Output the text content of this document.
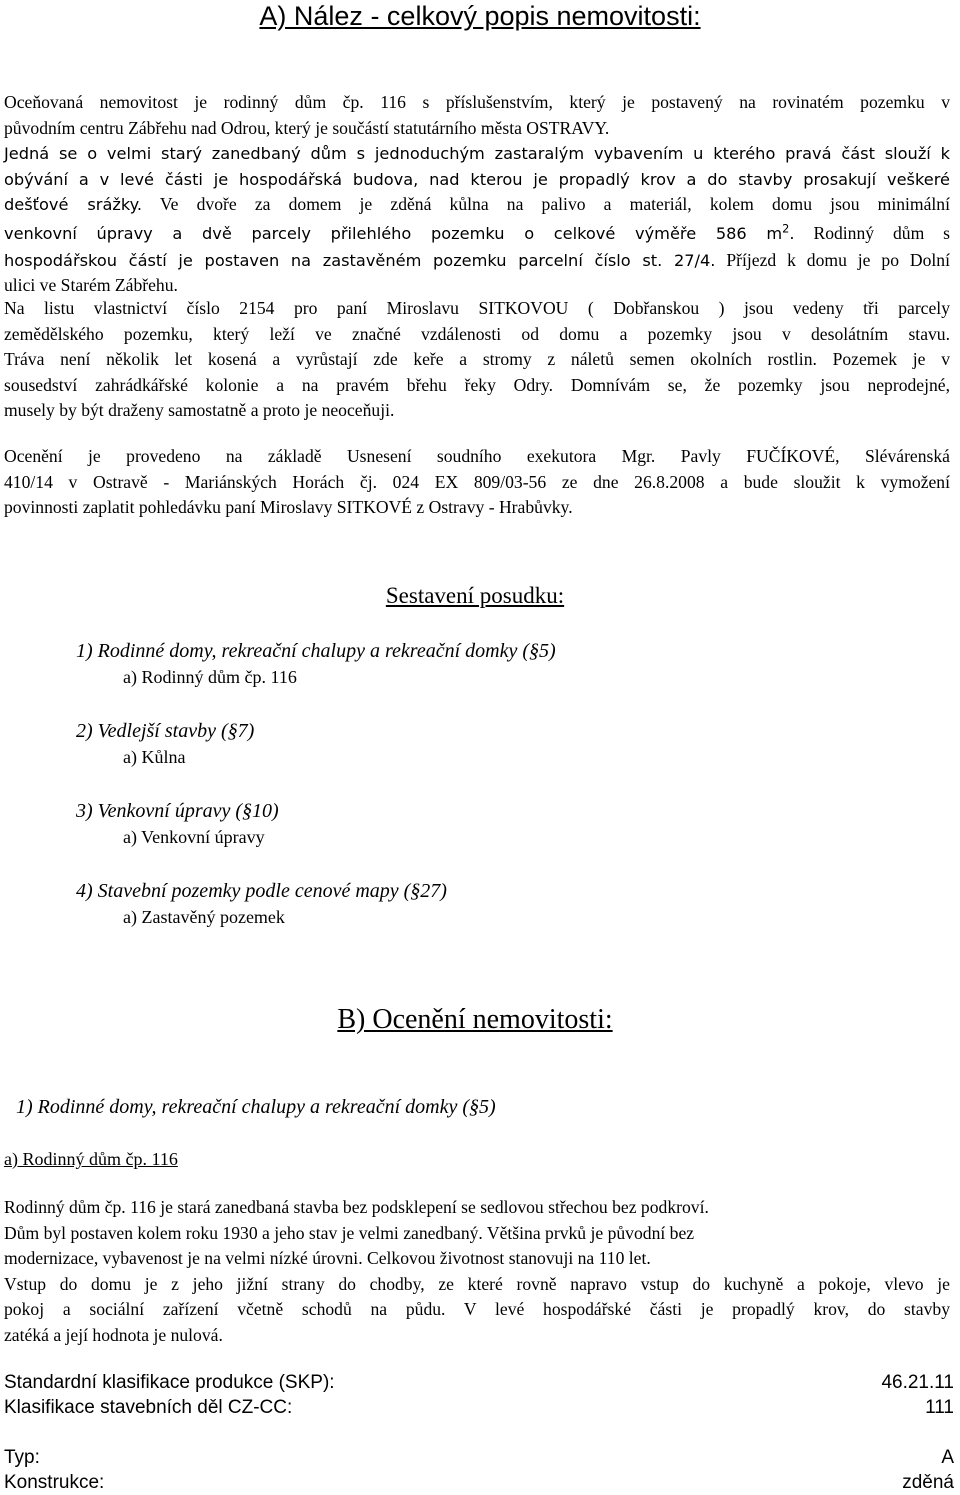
A) Nález - celkový popis nemovitosti:
Oceňovaná nemovitost je rodinný dům čp. 116 s příslušenstvím, který je postavený na rovinatém pozemku v
původním centru Zábřehu nad Odrou, který je součástí statutárního města OSTRAVY.
Jedná se o velmi starý zanedbaný dům s jednoduchým zastaralým vybavením u kterého pravá část slouží k
obývání a v levé části je hospodářská budova, nad kterou je propadlý krov a do stavby prosakují veškeré
dešťové srážky. Ve dvoře za domem je zděná kůlna na palivo a materiál, kolem domu jsou minimální
venkovní úpravy a dvě parcely přilehlého pozemku o celkové výměře 586 $m^2$. Rodinný dům s
hospodářskou částí je postaven na zastavěném pozemku parcelní číslo st. 27/4. Příjezd k domu je po Dolní
ulici ve Starém Zábřehu.
Na listu vlastnictví číslo 2154 pro paní Miroslavu SITKOVOU ( Dobřanskou ) jsou vedeny tři parcely
zemědělského pozemku, který leží ve značné vzdálenosti od domu a pozemky jsou v desolátním stavu.
Tráva není několik let kosená a vyrůstají zde keře a stromy z náletů semen okolních rostlin. Pozemek je v
sousedství zahrádkářské kolonie a na pravém břehu řeky Odry. Domnívám se, že pozemky jsou neprodejné,
musely by být draženy samostatně a proto je neoceňuji.
Ocenění je provedeno na základě Usnesení soudního exekutora Mgr. Pavly FUČÍKOVÉ, Slévárenská
410/14 v Ostravě - Mariánských Horách čj. 024 EX 809/03-56 ze dne 26.8.2008 a bude sloužit k vymožení
povinnosti zaplatit pohledávku paní Miroslavy SITKOVÉ z Ostravy - Hrabůvky.
Sestavení posudku:
1) Rodinné domy, rekreační chalupy a rekreační domky (§5)
a) Rodinný dům čp. 116
2) Vedlejší stavby (§7)
a) Kůlna
3) Venkovní úpravy (§10)
a) Venkovní úpravy
4) Stavební pozemky podle cenové mapy (§27)
a) Zastavěný pozemek
B) Ocenění nemovitosti:
1) Rodinné domy, rekreační chalupy a rekreační domky (§5)
a) Rodinný dům čp. 116
Rodinný dům čp. 116 je stará zanedbaná stavba bez podsklepení se sedlovou střechou bez podkroví.
Dům byl postaven kolem roku 1930 a jeho stav je velmi zanedbaný. Většina prvků je původní bez
modernizace, vybavenost je na velmi nízké úrovni. Celkovou životnost stanovuji na 110 let.
Vstup do domu je z jeho jižní strany do chodby, ze které rovně napravo vstup do kuchyně a pokoje, vlevo je
pokoj a sociální zařízení včetně schodů na půdu. V levé hospodářské části je propadlý krov, do stavby
zatéká a její hodnota je nulová.
Standardní klasifikace produkce (SKP):	46.21.11
Klasifikace stavebních děl CZ-CC:	111
Typ:	A
Konstrukce:	zděná
